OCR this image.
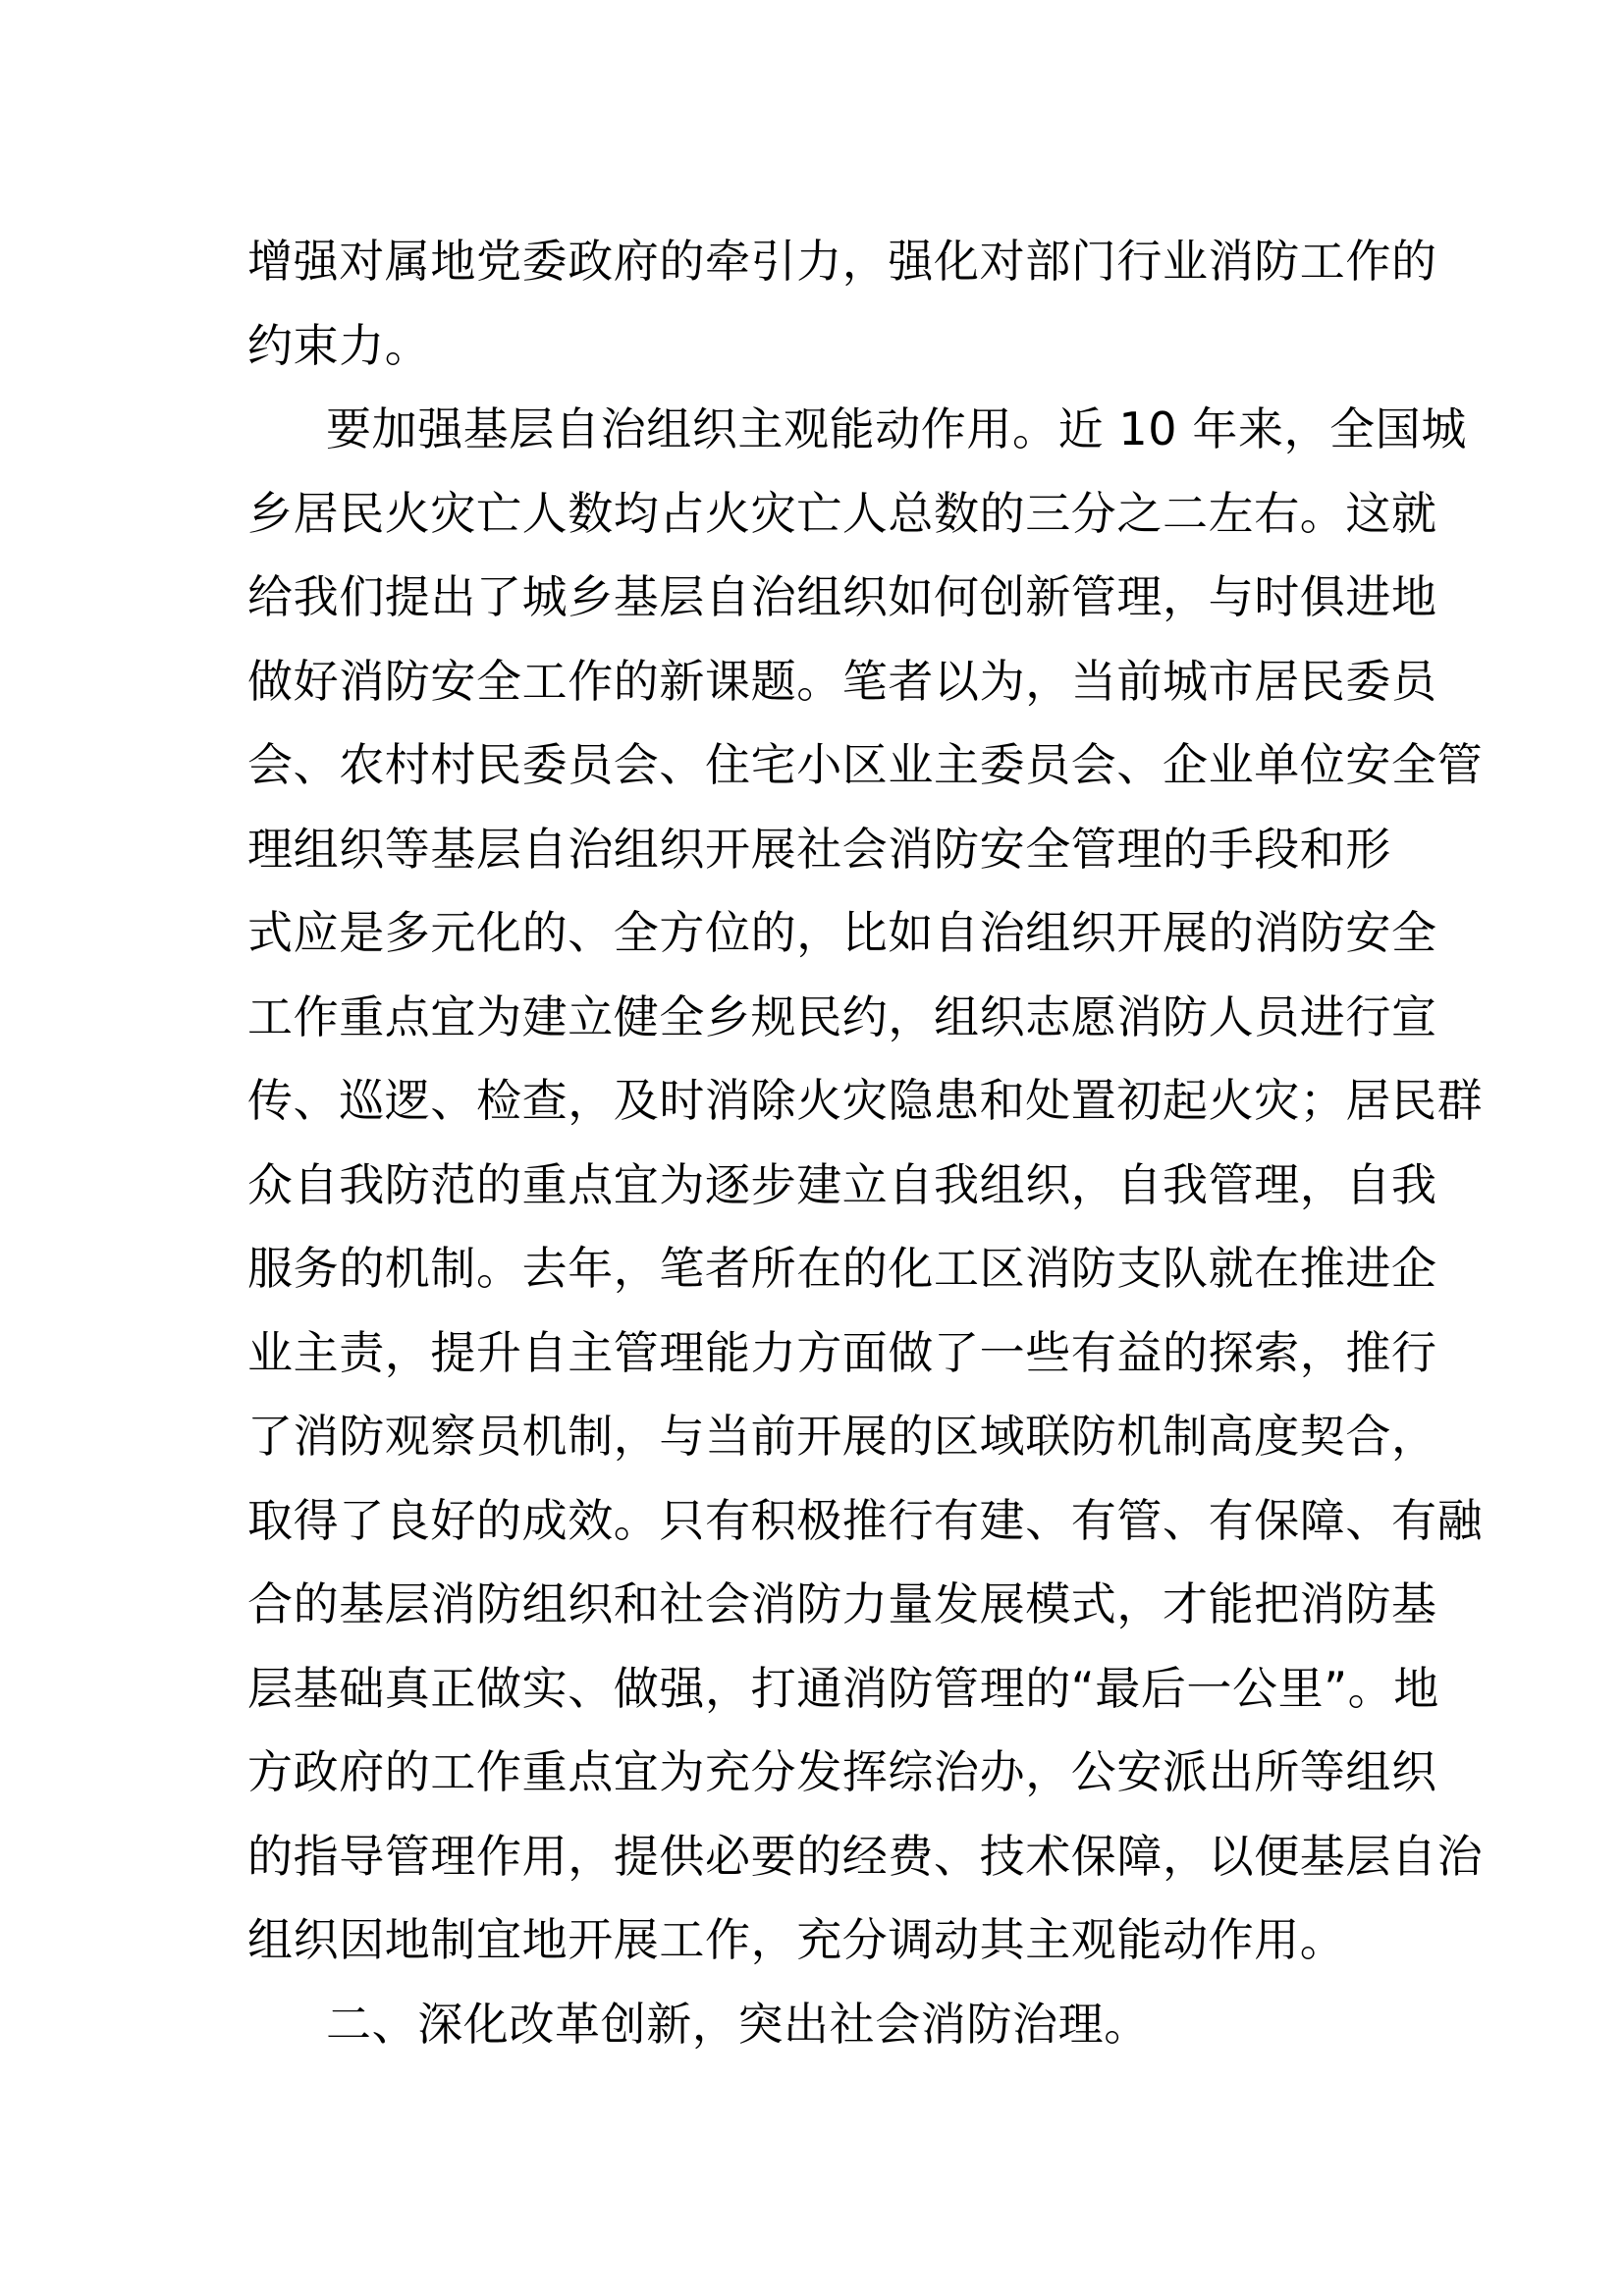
增强对属地党委政府的牵引力，强化对部门行业消防工作的
约束力。
要加强基层自治组织主观能动作用。近 10 年来，全国城
乡居民火灾亡人数均占火灾亡人总数的三分之二左右。这就
给我们提出了城乡基层自治组织如何创新管理，与时俱进地
做好消防安全工作的新课题。笔者以为，当前城市居民委员
会、农村村民委员会、住宅小区业主委员会、企业单位安全管
理组织等基层自治组织开展社会消防安全管理的手段和形
式应是多元化的、全方位的，比如自治组织开展的消防安全
工作重点宜为建立健全乡规民约，组织志愿消防人员进行宣
传、巡逻、检查，及时消除火灾隐患和处置初起火灾；居民群
众自我防范的重点宜为逐步建立自我组织，自我管理，自我
服务的机制。去年，笔者所在的化工区消防支队就在推进企
业主责，提升自主管理能力方面做了一些有益的探索，推行
了消防观察员机制，与当前开展的区域联防机制高度契合，
取得了良好的成效。只有积极推行有建、有管、有保障、有融
合的基层消防组织和社会消防力量发展模式，才能把消防基
层基础真正做实、做强，打通消防管理的“最后一公里”。地
方政府的工作重点宜为充分发挥综治办，公安派出所等组织
的指导管理作用，提供必要的经费、技术保障，以便基层自治
组织因地制宜地开展工作，充分调动其主观能动作用。
二、深化改革创新，突出社会消防治理。
